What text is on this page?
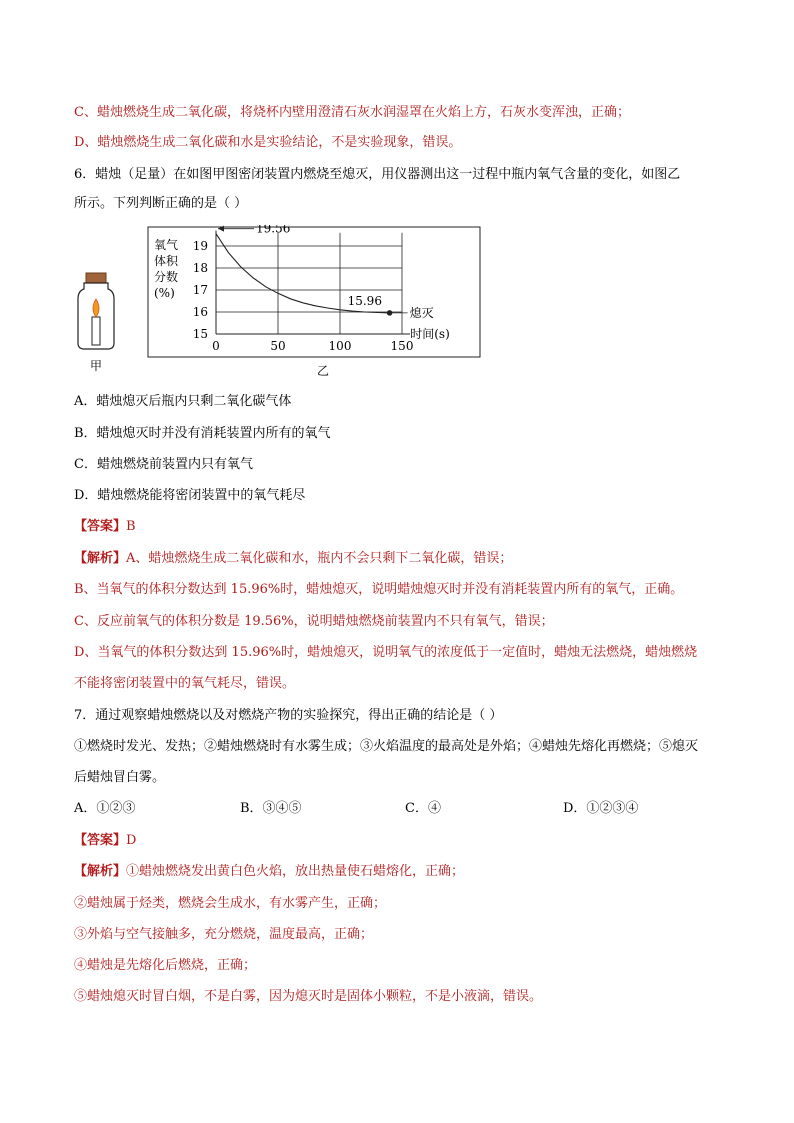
C、蜡烛燃烧生成二氧化碳，将烧杯内壁用澄清石灰水润湿罩在火焰上方，石灰水变浑浊，正确；
D、蜡烛燃烧生成二氧化碳和水是实验结论，不是实验现象，错误。
6．蜡烛（足量）在如图甲图密闭装置内燃烧至熄灭，用仪器测出这一过程中瓶内氧气含量的变化，如图乙
所示。下列判断正确的是（ ）
甲
15
16
17
18
19
0	50	100	150
时间(s)
氧气
体积
分数
(%)
15.96
熄灭
19.56
乙
A．蜡烛熄灭后瓶内只剩二氧化碳气体
B．蜡烛熄灭时并没有消耗装置内所有的氧气
C．蜡烛燃烧前装置内只有氧气
D．蜡烛燃烧能将密闭装置中的氧气耗尽
【答案】B
【解析】A、蜡烛燃烧生成二氧化碳和水，瓶内不会只剩下二氧化碳，错误；
B、当氧气的体积分数达到 15.96%时，蜡烛熄灭，说明蜡烛熄灭时并没有消耗装置内所有的氧气，正确。
C、反应前氧气的体积分数是 19.56%，说明蜡烛燃烧前装置内不只有氧气，错误；
D、当氧气的体积分数达到 15.96%时，蜡烛熄灭，说明氧气的浓度低于一定值时，蜡烛无法燃烧，蜡烛燃烧
不能将密闭装置中的氧气耗尽，错误。
7．通过观察蜡烛燃烧以及对燃烧产物的实验探究，得出正确的结论是（ ）
①燃烧时发光、发热；②蜡烛燃烧时有水雾生成；③火焰温度的最高处是外焰；④蜡烛先熔化再燃烧；⑤熄灭
后蜡烛冒白雾。
A．①②③	B．③④⑤	C．④	D．①②③④
【答案】D
【解析】①蜡烛燃烧发出黄白色火焰，放出热量使石蜡熔化，正确；
②蜡烛属于烃类，燃烧会生成水，有水雾产生，正确；
③外焰与空气接触多，充分燃烧，温度最高，正确；
④蜡烛是先熔化后燃烧，正确；
⑤蜡烛熄灭时冒白烟，不是白雾，因为熄灭时是固体小颗粒，不是小液滴，错误。
